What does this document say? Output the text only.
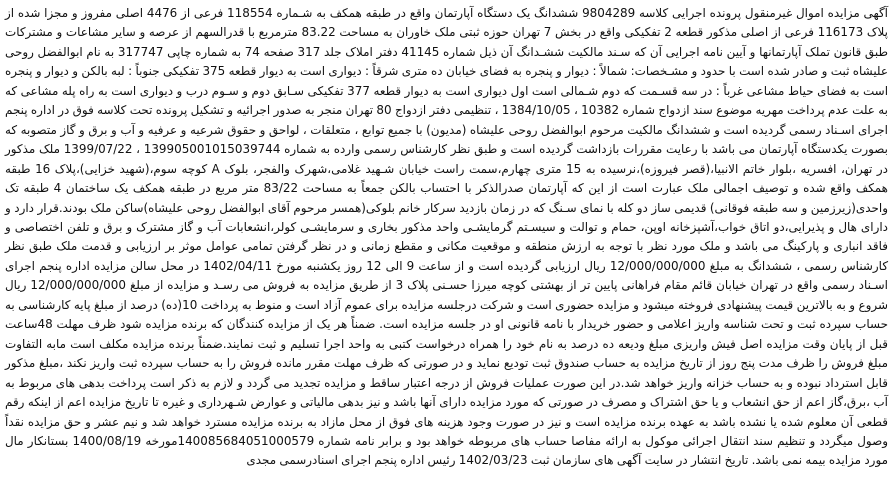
آگهی مزایده اموال غیرمنقول پرونده اجرایی کلاسه 9804289 ششدانگ یک دستگاه آپارتمان واقع در طبقه همکف به شـماره 118554 فرعی از 4476 اصلی مفروز و مجزا شده از پلاک 116173 فرعی از اصلی مذکور قطعه 2 تفکیکی واقع در بخش 7 تهران حوزه ثبتی ملک خاوران به مساحت 83.22 مترمربع با قدرالسهم از عرصه و سایر مشاعات و مشترکات طبق قانون تملک آپارتمانها و آیین نامه اجرایی آن که سـند مالکیت ششـدانگ آن ذیل شماره 41145 دفتر املاک جلد 317 صفحه 74 به شماره چاپی 317747 به نام ابوالفضل روحی علیشاه ثبت و صادر شده است با حدود و مشـخصات: شمالاً : دیوار و پنجره به فضای خیابان ده متری شرقاً : دیواری است به دیوار قطعه 375 تفکیکی جنوباً : لبه بالکن و دیوار و پنجره است به فضای حیاط مشاعی غرباً : در سه قسـمت که دوم شـمالی است اول دیواری است به دیوار قطعه 377 تفکیکی سـابق دوم و سـوم درب و دیواری است به راه پله مشاعی که به علت عدم پرداخت مهریه موضوع سند ازدواج شماره 10382 ، 1384/10/05 ، تنظیمی دفتر ازدواج 80 تهران منجر به صدور اجرائیه و تشکیل پرونده تحت کلاسه فوق در اداره پنجم اجرای اسـناد رسمی گردیده است و ششدانگ مالکیت مرحوم ابوالفضل روحی علیشاه (مدیون) با جمیع توابع ، متعلقات ، لواحق و حقوق شرعیه و عرفیه و آب و برق و گاز متصوبه که بصورت یکدستگاه آپارتمان می باشد با رعایت مقررات بازداشت گردیده است و طبق نظر کارشناس رسمی وارده به شماره 139905001015039744 ، 1399/07/22 ملک مذکور در تهران، افسریه ،بلوار خاتم الانبیا،(قصر فیروزه)،نرسیده به 15 متری چهارم،سمت راست خیابان شـهید غلامی،شهرک والفجر، بلوک A کوچه سوم،(شهید خزایی)،پلاک 16 طبقه همکف واقع شده و توصیف اجمالی ملک عبارت است از این که آپارتمان صدرالذکر با احتساب بالکن جمعاً به مساحت 83/22 متر مربع در طبقه همکف یک ساختمان 4 طبقه تک واحدی(زیرزمین و سه طبقه فوقانی) قدیمی ساز دو کله با نمای سـنگ که در زمان بازدید سرکار خانم بلوکی(همسر مرحوم آقای ابوالفضل روحی علیشاه)ساکن ملک بودند.قرار دارد و دارای هال و پذیرایی،دو اتاق خواب،آشپزخانه اوپن، حمام و توالت و سیسـتم گرمایشـی واحد مذکور بخاری و سرمایشـی کولر،انشعابات آب و گاز مشترک و برق و تلفن اختصاصی و فاقد انباری و پارکینگ می باشد و ملک مورد نظر با توجه به ارزش منطقه و موقعیت مکانی و مقطع زمانی و در نظر گرفتن تمامی عوامل موثر بر ارزیابی و قدمت ملک طبق نظر کارشناس رسمی ، ششدانگ به مبلغ 12/000/000/000 ریال ارزیابی گردیده است و از ساعت 9 الی 12 روز یکشنبه مورخ 1402/04/11 در محل سالن مزایده اداره پنجم اجرای اسـناد رسمی واقع در تهران خیابان قائم مقام فراهانی پایین تر از بهشتی کوچه میرزا حسـنی پلاک 3 از طریق مزایده به فروش می رسـد و مزایده از مبلغ 12/000/000/000 ریال شروع و به بالاترین قیمت پیشنهادی فروخته میشود و مزایده حضوری است و شرکت درجلسه مزایده برای عموم آزاد است و منوط به پرداخت 10(ده) درصد از مبلغ پایه کارشناسی به حساب سپرده ثبت و تحت شناسه واریز اعلامی و حضور خریدار با نامه قانونی او در جلسه مزایده است. ضمناً هر یک از مزایده کنندگان که برنده مزایده شود ظرف مهلت 48ساعت قبل از پایان وقت مزایده اصل فیش واریزی مبلغ ودیعه ده درصد به نام خود را همراه درخواست کتبی به واحد اجرا تسلیم و ثبت نمایند.ضمناً برنده مزایده مکلف است مابه التفاوت مبلغ فروش را ظرف مدت پنج روز از تاریخ مزایده به حساب صندوق ثبت تودیع نماید و در صورتی که ظرف مهلت مقرر مانده فروش را به حساب سپرده ثبت واریز نکند ،مبلغ مذکور قابل استرداد نبوده و به حساب خزانه واریز خواهد شد.در این صورت عملیات فروش از درجه اعتبار ساقط و مزایده تجدید می گردد و لازم به ذکر است پرداخت بدهی های مربوط به آب ،برق،گاز اعم از حق انشعاب و یا حق اشتراک و مصرف در صورتی که مورد مزایده دارای آنها باشد و نیز بدهی مالیاتی و عوارض شـهرداری و غیره تا تاریخ مزایده اعم از اینکه رقم قطعی آن معلوم شده یا نشده باشد به عهده برنده مزایده است و نیز در صورت وجود هزینه های فوق از محل مازاد به برنده مزایده مسترد خواهد شد و نیم عشر و حق مزایده نقداً وصول میگردد و تنظیم سند انتقال اجرائی موکول به ارائه مفاصا حساب های مربوطه خواهد بود و برابر نامه شماره 140085684051000579مورخه 1400/08/19 بستانکار مال مورد مزایده بیمه نمی باشد. تاریخ انتشار در سایت آگهی های سازمان ثبت 1402/03/23 رئیس اداره پنجم اجرای اسنادرسمی مجدی
